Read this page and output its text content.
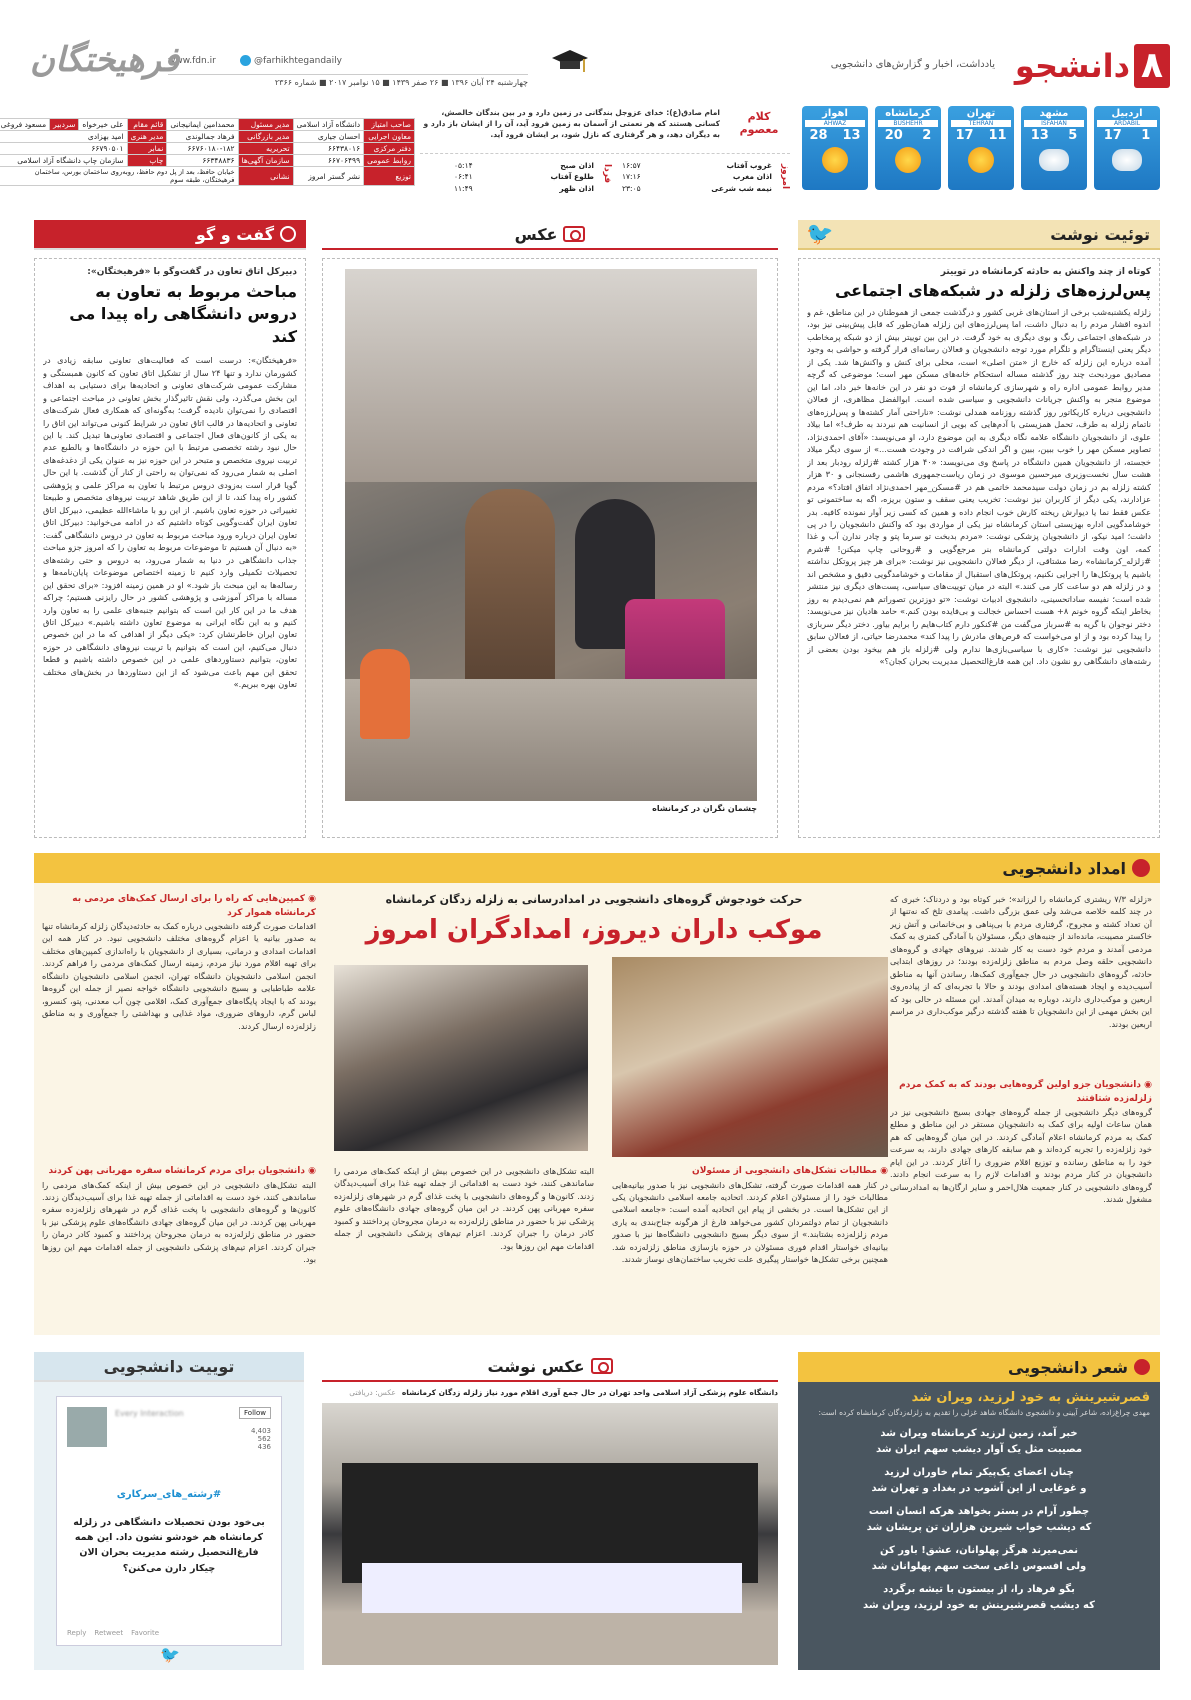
۸
دانشجو
یادداشت، اخبار و گزارش‌های دانشجویی
www.fdn.ir	@farhikhtegandaily
چهارشنبه ۲۴ آبان ۱۳۹۶ ■ ۲۶ صفر ۱۴۳۹ ■ ۱۵ نوامبر ۲۰۱۷ ■ شماره ۲۳۶۶
فرهیختگان
اردبیل
ARDABIL
1
17
مشهد
ISFAHAN
5
13
تهران
TEHRAN
11
17
کرمانشاه
BUSHEHR
2
20
اهواز
AHWAZ
13
28
کلام معصوم
امام صادق(ع): خدای عزوجل بندگانی در زمین دارد و در بین بندگان خالصش، کسانی هستند که هر نعمتی از آسمان به زمین فرود آید، آن را از ایشان باز دارد و به دیگران دهد، و هر گرفتاری که نازل شود، بر ایشان فرود آید.
امروز
فردا	غروب آفتاب
۱۶:۵۷
اذان مغرب
۱۷:۱۶
نیمه شب شرعی
۲۳:۰۵
اذان صبح
۰۵:۱۴
طلوع آفتاب
۰۶:۴۱
اذان ظهر
۱۱:۴۹
صاحب امتیاز	دانشگاه آزاد اسلامی	مدیر مسئول	محمدامین ایمانیجانی	قائم مقام	علی خیرخواه	سردبیر	مسعود فروغی
معاون اجرایی	احسان جیاری	مدیر بازرگانی	فرهاد جمالوندی	مدیر هنری	امید بهزادی		
دفتر مرکزی	۶۶۴۳۸۰۱۶	تحریریه	۶۶۷۶۰۱۸۰-۱۸۲	نمابر	۶۶۷۹۰۵۰۱		
روابط عمومی	۶۶۷۰۶۴۹۹	سازمان آگهی‌ها	۶۶۳۴۸۸۳۶	چاپ	سازمان چاپ دانشگاه آزاد اسلامی		
توزیع	نشر گستر امروز	نشانی	خیابان حافظ، بعد از پل دوم حافظ، روبه‌روی ساختمان بورس، ساختمان فرهیختگان، طبقه سوم				
توئیت نوشت
🐦
کوتاه از چند واکنش به حادثه کرمانشاه در توییتر
پس‌لرزه‌های زلزله در شبکه‌های اجتماعی
زلزله یکشنبه‌شب برخی از استان‌های غربی کشور و درگذشت جمعی از هموطنان در این مناطق، غم و اندوه اقشار مردم را به دنبال داشت، اما پس‌لرزه‌های این زلزله همان‌طور که قابل پیش‌بینی نیز بود، در شبکه‌های اجتماعی رنگ و بوی دیگری به خود گرفت. در این بین توییتر بیش از دو شبکه پرمخاطب دیگر یعنی اینستاگرام و تلگرام مورد توجه دانشجویان و فعالان رسانه‌ای قرار گرفته و حواشی به وجود آمده درباره این زلزله که خارج از «متن اصلی» است، محلی برای کنش و واکنش‌ها شد. یکی از مصادیق موردبحث چند روز گذشته مساله استحکام خانه‌های مسکن مهر است؛ موضوعی که گرچه مدیر روابط عمومی اداره راه و شهرسازی کرمانشاه از فوت دو نفر در این خانه‌ها خبر داد، اما این موضوع منجر به واکنش جریانات دانشجویی و سیاسی شده است. ابوالفضل مظاهری، از فعالان دانشجویی درباره کاریکاتور روز گذشته روزنامه همدلی نوشت: «ناراحتی آمار کشته‌ها و پس‌لرزه‌های ناتمام زلزله به طرف، تحمل همزیستی با آدم‌هایی که بویی از انسانیت هم نبردند به طرف!» اما بیلاد علوی، از دانشجویان دانشگاه علامه نگاه دیگری به این موضوع دارد، او می‌نویسد: «آقای احمدی‌نژاد، تصاویر مسکن مهر را خوب ببین، ببین و اگر اندکی شرافت در وجودت هست...» از سوی دیگر میلاد خجسته، از دانشجویان همین دانشگاه در پاسخ وی می‌نویسد: «۴۰ هزار کشته #زلزله رودبار بعد از هشت سال نخست‌وزیری میرحسین موسوی در زمان ریاست‌جمهوری هاشمی رفسنجانی و ۳۰ هزار کشته زلزله بم در زمان دولت سیدمحمد خاتمی هم در #مسکن_مهر احمدی‌نژاد اتفاق افتاد؟» مردم عزادارند، یکی دیگر از کاربران نیز نوشت: تخریب یعنی سقف و ستون بریزه، اگه به ساختمونی تو عکس فقط نما یا دیوارش ریخته کارش خوب انجام داده و همین که کسی زیر آوار نمونده کافیه. بدر خوشامدگویی اداره بهزیستی استان کرمانشاه نیز یکی از مواردی بود که واکنش دانشجویان را در پی داشت؛ امید نیکو، از دانشجویان پزشکی نوشت: «مردم بدبخت تو سرما پتو و چادر ندارن آب و غذا کمه، اون وقت ادارات دولتی کرمانشاه بنر مرجع‌گویی و #روحانی چاپ میکنن! #شرم #زلزله_کرمانشاه» رضا مشتاقی، از دیگر فعالان دانشجویی نیز نوشت: «برای هر چیز پروتکل نداشته باشیم یا پروتکل‌ها را اجرایی نکنیم، پروتکل‌های استقبال از مقامات و خوشامدگویی دقیق و مشخص اند و در زلزله هم دو ساعت کار می کنند.» البته در میان توییت‌های سیاسی، پست‌های دیگری نیز منتشر شده است؛ نفیسه ساداتحسینی، دانشجوی ادبیات نوشت: «تو دوزترین تصوراتم هم نمی‌دیدم به روز بخاطر اینکه گروه خونم ۸+ هست احساس خجالت و بی‌فایده بودن کنم.» حامد هادیان نیز می‌نویسد: دختر نوجوان با گریه به #سرباز می‌گفت من #کنکور دارم کتاب‌هایم را برایم بیاور. دختر دیگر سربازی را پیدا کرده بود و از او می‌خواست که قرص‌های مادرش را پیدا کند» محمدرضا حیاتی، از فعالان سابق دانشجویی نیز نوشت: «کاری با سیاسی‌بازی‌ها ندارم ولی #زلزله باز هم بیخود بودن بعضی از رشته‌های دانشگاهی رو نشون داد. این همه فارغ‌التحصیل مدیریت بحران کجان؟»
عکس
چشمان نگران در کرمانشاه
گفت و گو
دبیرکل اتاق تعاون در گفت‌وگو با «فرهیختگان»:
مباحث مربوط به تعاون به دروس دانشگاهی راه پیدا می کند
«فرهیختگان»: درست است که فعالیت‌های تعاونی سابقه زیادی در کشورمان ندارد و تنها ۲۴ سال از تشکیل اتاق تعاون که کانون همبستگی و مشارکت عمومی شرکت‌های تعاونی و اتحادیه‌ها برای دستیابی به اهداف این بخش می‌گذرد، ولی نقش تاثیرگذار بخش تعاونی در مباحث اجتماعی و اقتصادی را نمی‌توان نادیده گرفت؛ به‌گونه‌ای که همکاری فعال شرکت‌های تعاونی و اتحادیه‌ها در قالب اتاق تعاون در شرایط کنونی می‌تواند این اتاق را به یکی از کانون‌های فعال اجتماعی و اقتصادی تعاونی‌ها تبدیل کند. با این حال نبود رشته تخصصی مرتبط با این حوزه در دانشگاه‌ها و بالطبع عدم تربیت نیروی متخصص و متبحر در این حوزه نیز به عنوان یکی از دغدغه‌های اصلی به شمار می‌رود که نمی‌توان به راحتی از کنار آن گذشت. با این حال گویا قرار است به‌زودی دروس مرتبط با تعاون به مراکز علمی و پژوهشی کشور راه پیدا کند، تا از این طریق شاهد تربیت نیروهای متخصص و طبیعتا تغییراتی در حوزه تعاون باشیم. از این رو با ماشاءالله عظیمی، دبیرکل اتاق تعاون ایران گفت‌وگویی کوتاه داشتیم که در ادامه می‌خوانید: دبیرکل اتاق تعاون ایران درباره ورود مباحث مربوط به تعاون در دروس دانشگاهی گفت: «به دنبال آن هستیم تا موضوعات مربوط به تعاون را که امروز جزو مباحث جذاب دانشگاهی در دنیا به شمار می‌رود، به دروس و حتی رشته‌های تحصیلات تکمیلی وارد کنیم تا زمینه اختصاص موضوعات پایان‌نامه‌ها و رساله‌ها به این مبحث باز شود.» او در همین زمینه افزود: «برای تحقق این مساله با مراکز آموزشی و پژوهشی کشور در حال رایزنی هستیم؛ چراکه هدف ما در این کار این است که بتوانیم جنبه‌های علمی را به تعاون وارد کنیم و به این نگاه ایرانی به موضوع تعاون داشته باشیم.» دبیرکل اتاق تعاون ایران خاطرنشان کرد: «یکی دیگر از اهدافی که ما در این خصوص دنبال می‌کنیم، این است که بتوانیم با تربیت نیروهای دانشگاهی در حوزه تعاون، بتوانیم دستاوردهای علمی در این خصوص داشته باشیم و قطعا تحقق این مهم باعث می‌شود که از این دستاوردها در بخش‌های مختلف تعاون بهره ببریم.»
امداد دانشجویی
حرکت خودجوش گروه‌های دانشجویی در امدادرسانی به زلزله زدگان کرمانشاه
موکب داران دیروز، امدادگران امروز
«زلزله ۷/۳ ریشتری کرمانشاه را لرزاند»؛ خبر کوتاه بود و دردناک؛ خبری که در چند کلمه خلاصه می‌شد ولی عمق بزرگی داشت. پیامدی تلخ که نه‌تنها از آن تعداد کشته و مجروح، گرفتاری مردم با بی‌پناهی و بی‌خانمانی و آتش زیر خاکستر مصیبت، مانده‌اند از جنبه‌های دیگر، مسئولان با آمادگی کمتری به کمک مردمی آمدند و مردم خود دست به کار شدند. نیروهای جهادی و گروه‌های دانشجویی حلقه وصل مردم به مناطق زلزله‌زده بودند؛ در روزهای ابتدایی حادثه، گروه‌های دانشجویی در حال جمع‌آوری کمک‌ها، رساندن آنها به مناطق آسیب‌دیده و ایجاد هسته‌های امدادی بودند و حالا با تجربه‌ای که از پیاده‌روی اربعین و موکب‌داری دارند، دوباره به میدان آمدند. این مسئله در حالی بود که این بخش مهمی از این دانشجویان تا هفته گذشته درگیر موکب‌داری در مراسم اربعین بودند.
◉ دانشجویان جزو اولین گروه‌هایی بودند که به کمک مردم زلزله‌زده شتافتند
گروه‌های دیگر دانشجویی از جمله گروه‌های جهادی بسیج دانشجویی نیز در همان ساعات اولیه برای کمک به دانشجویان مستقر در این مناطق و مطلع کمک به مردم کرمانشاه اعلام آمادگی کردند. در این میان گروه‌هایی که هم خود زلزله‌زده را تجربه کرده‌اند و هم سابقه کارهای جهادی دارند، به سرعت خود را به مناطق رسانده و توزیع اقلام ضروری را آغاز کردند. در این ایام دانشجویان در کنار مردم بودند و اقدامات لازم را به سرعت انجام دادند. گروه‌های دانشجویی در کنار جمعیت هلال‌احمر و سایر ارگان‌ها به امدادرسانی مشغول شدند.
◉ مطالبات تشکل‌های دانشجویی از مسئولان
در کنار همه اقدامات صورت گرفته، تشکل‌های دانشجویی نیز با صدور بیانیه‌هایی مطالبات خود را از مسئولان اعلام کردند. اتحادیه جامعه اسلامی دانشجویان یکی از این تشکل‌ها است. در بخشی از پیام این اتحادیه آمده است: «جامعه اسلامی دانشجویان از تمام دولتمردان کشور می‌خواهد فارغ از هرگونه جناح‌بندی به یاری مردم زلزله‌زده بشتابند.» از سوی دیگر بسیج دانشجویی دانشگاه‌ها نیز با صدور بیانیه‌ای خواستار اقدام فوری مسئولان در حوزه بازسازی مناطق زلزله‌زده شد. همچنین برخی تشکل‌ها خواستار پیگیری علت تخریب ساختمان‌های نوساز شدند.
البته تشکل‌های دانشجویی در این خصوص بیش از اینکه کمک‌های مردمی را ساماندهی کنند، خود دست به اقداماتی از جمله تهیه غذا برای آسیب‌دیدگان زدند. کانون‌ها و گروه‌های دانشجویی با پخت غذای گرم در شهرهای زلزله‌زده سفره مهربانی پهن کردند. در این میان گروه‌های جهادی دانشگاه‌های علوم پزشکی نیز با حضور در مناطق زلزله‌زده به درمان مجروحان پرداختند و کمبود کادر درمان را جبران کردند. اعزام تیم‌های پزشکی دانشجویی از جمله اقدامات مهم این روزها بود.
◉ کمپین‌هایی که راه را برای ارسال کمک‌های مردمی به کرمانشاه هموار کرد
اقدامات صورت گرفته دانشجویی درباره کمک به حادثه‌دیدگان زلزله کرمانشاه تنها به صدور بیانیه یا اعزام گروه‌های مختلف دانشجویی نبود. در کنار همه این اقدامات امدادی و درمانی، بسیاری از دانشجویان با راه‌اندازی کمپین‌های مختلف برای تهیه اقلام مورد نیاز مردم، زمینه ارسال کمک‌های مردمی را فراهم کردند. انجمن اسلامی دانشجویان دانشگاه تهران، انجمن اسلامی دانشجویان دانشگاه علامه طباطبایی و بسیج دانشجویی دانشگاه خواجه نصیر از جمله این گروه‌ها بودند که با ایجاد پایگاه‌های جمع‌آوری کمک، اقلامی چون آب معدنی، پتو، کنسرو، لباس گرم، داروهای ضروری، مواد غذایی و بهداشتی را جمع‌آوری و به مناطق زلزله‌زده ارسال کردند.
◉ دانشجویان برای مردم کرمانشاه سفره مهربانی پهن کردند
البته تشکل‌های دانشجویی در این خصوص بیش از اینکه کمک‌های مردمی را ساماندهی کنند، خود دست به اقداماتی از جمله تهیه غذا برای آسیب‌دیدگان زدند. کانون‌ها و گروه‌های دانشجویی با پخت غذای گرم در شهرهای زلزله‌زده سفره مهربانی پهن کردند. در این میان گروه‌های جهادی دانشگاه‌های علوم پزشکی نیز با حضور در مناطق زلزله‌زده به درمان مجروحان پرداختند و کمبود کادر درمان را جبران کردند. اعزام تیم‌های پزشکی دانشجویی از جمله اقدامات مهم این روزها بود.
توییت دانشجویی
Every Interaction	Follow
4,403
562
436
#رشته_های_سرکاری
بی‌خود بودن تحصیلات دانشگاهی در زلزله کرمانشاه هم خودشو نشون داد. این همه فارغ‌التحصیل رشته مدیریت بحران الان چیکار دارن می‌کنن؟
Reply Retweet Favorite
🐦
عکس نوشت
دانشگاه علوم پزشکی آزاد اسلامی واحد تهران در حال جمع آوری اقلام مورد نیاز زلزله زدگان کرمانشاه
عکس: دریافتی
شعر دانشجویی
قصرشیرینش به خود لرزید، ویران شد
مهدی چراغ‌زاده، شاعر آیینی و دانشجوی دانشگاه شاهد غزلی را تقدیم به زلزله‌زدگان کرمانشاه کرده است:

خبر آمد، زمین لرزید کرمانشاه ویران شد

مصیبت مثل یک آوار دیشب سهم ایران شد

چنان اعضای یک‌پیکر تمام خاوران لرزید

و غوغایی از این آشوب در بغداد و تهران شد

چطور آرام در بستر بخواهد هرکه انسان است

که دیشب خواب شیرین هزاران تن پریشان شد

نمی‌میرند هرگز پهلوانان، عشق! باور کن

ولی افسوس داغی سخت سهم پهلوانان شد

بگو فرهاد را، از بیستون با تیشه برگردد

که دیشب قصرشیرینش به خود لرزید، ویران شد
